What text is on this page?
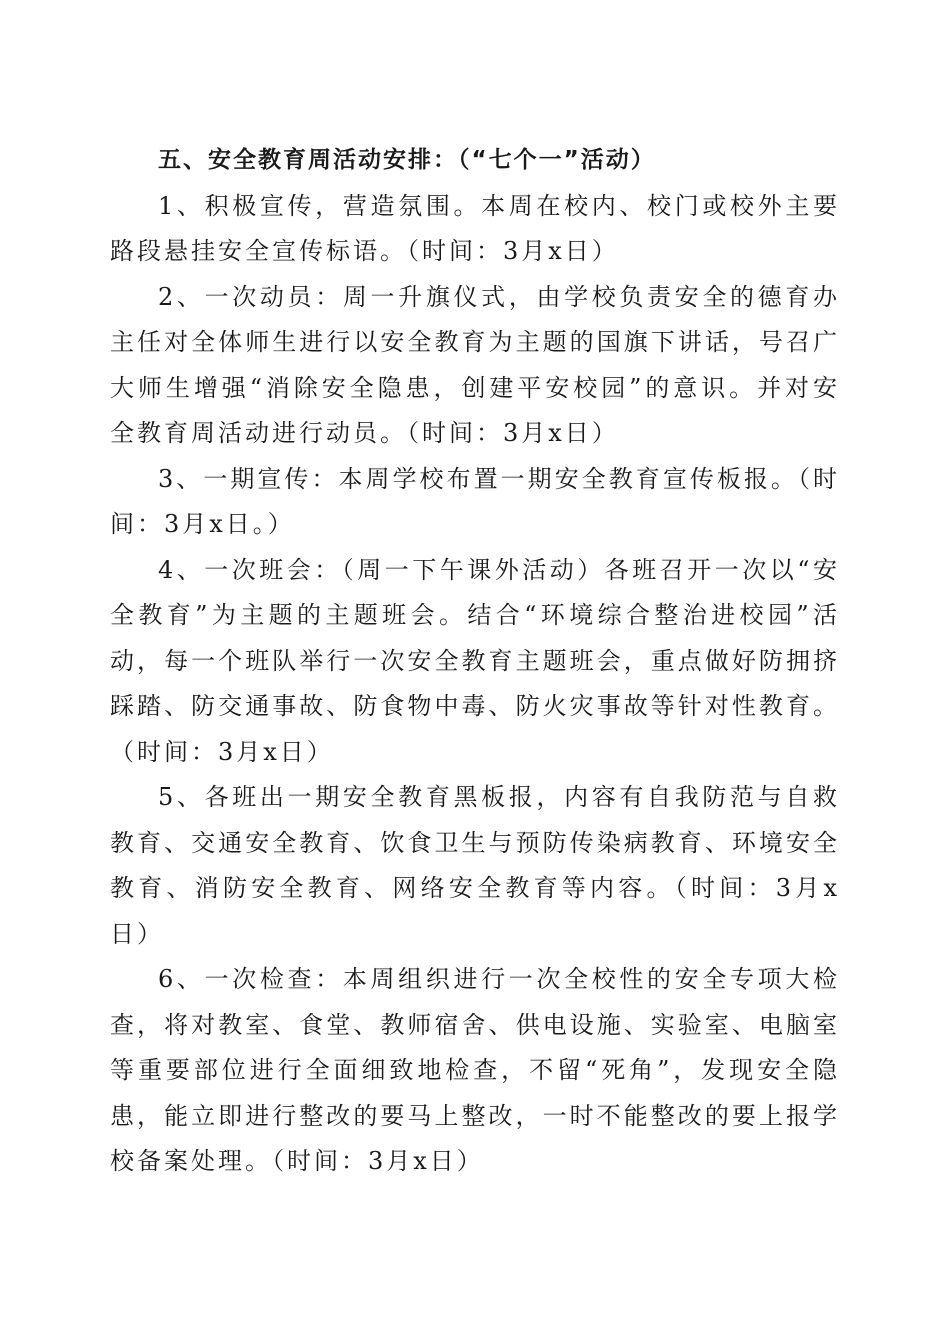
五、安全教育周活动安排：（“七个一”活动）

1、积极宣传，营造氛围。本周在校内、校门或校外主要路段悬挂安全宣传标语。（时间：3月x日）

2、一次动员：周一升旗仪式，由学校负责安全的德育办主任对全体师生进行以安全教育为主题的国旗下讲话，号召广大师生增强“消除安全隐患，创建平安校园”的意识。并对安全教育周活动进行动员。（时间：3月x日）

3、一期宣传：本周学校布置一期安全教育宣传板报。（时间：3月x日。）

4、一次班会：（周一下午课外活动）各班召开一次以“安全教育”为主题的主题班会。结合“环境综合整治进校园”活动，每一个班队举行一次安全教育主题班会，重点做好防拥挤踩踏、防交通事故、防食物中毒、防火灾事故等针对性教育。（时间：3月x日）

5、各班出一期安全教育黑板报，内容有自我防范与自救教育、交通安全教育、饮食卫生与预防传染病教育、环境安全教育、消防安全教育、网络安全教育等内容。（时间：3月x日）

6、一次检查：本周组织进行一次全校性的安全专项大检查，将对教室、食堂、教师宿舍、供电设施、实验室、电脑室等重要部位进行全面细致地检查，不留“死角”，发现安全隐患，能立即进行整改的要马上整改，一时不能整改的要上报学校备案处理。（时间：3月x日）
